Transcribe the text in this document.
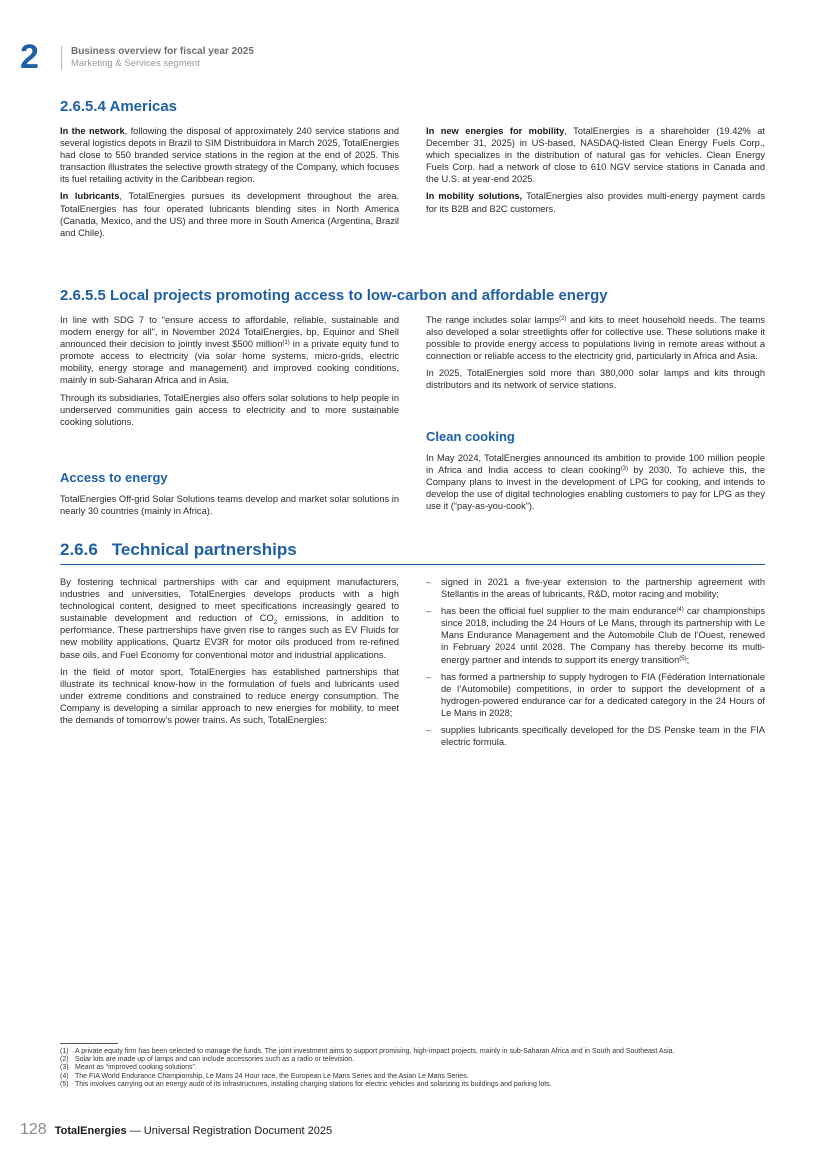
2	Business overview for fiscal year 2025
Marketing & Services segment
2.6.5.4 Americas

In the network, following the disposal of approximately 240 service stations and several logistics depots in Brazil to SIM Distribuidora in March 2025, TotalEnergies had close to 550 branded service stations in the region at the end of 2025. This transaction illustrates the selective growth strategy of the Company, which focuses its fuel retailing activity in the Caribbean region.

In lubricants, TotalEnergies pursues its development throughout the area. TotalEnergies has four operated lubricants blending sites in North America (Canada, Mexico, and the US) and three more in South America (Argentina, Brazil and Chile).

In new energies for mobility, TotalEnergies is a shareholder (19.42% at December 31, 2025) in US-based, NASDAQ-listed Clean Energy Fuels Corp., which specializes in the distribution of natural gas for vehicles. Clean Energy Fuels Corp. had a network of close to 610 NGV service stations in Canada and the U.S. at year-end 2025.

In mobility solutions, TotalEnergies also provides multi-energy payment cards for its B2B and B2C customers.

2.6.5.5 Local projects promoting access to low-carbon and affordable energy

In line with SDG 7 to “ensure access to affordable, reliable, sustainable and modern energy for all”, in November 2024 TotalEnergies, bp, Equinor and Shell announced their decision to jointly invest $500 million$^{(1)}$ in a private equity fund to promote access to electricity (via solar home systems, micro-grids, electric mobility, energy storage and management) and improved cooking conditions, mainly in sub-Saharan Africa and in Asia.

Through its subsidiaries, TotalEnergies also offers solar solutions to help people in underserved communities gain access to electricity and to more sustainable cooking solutions.

Access to energy

TotalEnergies Off-grid Solar Solutions teams develop and market solar solutions in nearly 30 countries (mainly in Africa).

The range includes solar lamps$^{(2)}$ and kits to meet household needs. The teams also developed a solar streetlights offer for collective use. These solutions make it possible to provide energy access to populations living in remote areas without a connection or reliable access to the electricity grid, particularly in Africa and Asia.

In 2025, TotalEnergies sold more than 380,000 solar lamps and kits through distributors and its network of service stations.

Clean cooking

In May 2024, TotalEnergies announced its ambition to provide 100 million people in Africa and India access to clean cooking$^{(3)}$ by 2030. To achieve this, the Company plans to invest in the development of LPG for cooking, and intends to develop the use of digital technologies enabling customers to pay for LPG as they use it (“pay-as-you-cook”).

2.6.6 Technical partnerships

By fostering technical partnerships with car and equipment manufacturers, industries and universities, TotalEnergies develops products with a high technological content, designed to meet specifications increasingly geared to sustainable development and reduction of $CO_2$ emissions, in addition to performance. These partnerships have given rise to ranges such as EV Fluids for new mobility applications, Quartz EV3R for motor oils produced from re-refined base oils, and Fuel Economy for conventional motor and industrial applications.

In the field of motor sport, TotalEnergies has established partnerships that illustrate its technical know-how in the formulation of fuels and lubricants used under extreme conditions and constrained to reduce energy consumption. The Company is developing a similar approach to new energies for mobility, to meet the demands of tomorrow’s power trains. As such, TotalEnergies:

– signed in 2021 a five-year extension to the partnership agreement with Stellantis in the areas of lubricants, R&D, motor racing and mobility;
– has been the official fuel supplier to the main endurance$^{(4)}$ car championships since 2018, including the 24 Hours of Le Mans, through its partnership with Le Mans Endurance Management and the Automobile Club de l’Ouest, renewed in February 2024 until 2028. The Company has thereby become its multi-energy partner and intends to support its energy transition$^{(5)}$;
– has formed a partnership to supply hydrogen to FIA (Fédération Internationale de l’Automobile) competitions, in order to support the development of a hydrogen-powered endurance car for a dedicated category in the 24 Hours of Le Mans in 2028;
– supplies lubricants specifically developed for the DS Penske team in the FIA electric formula.
(1) A private equity firm has been selected to manage the funds. The joint investment aims to support promising, high-impact projects, mainly in sub-Saharan Africa and in South and Southeast Asia.
(2) Solar kits are made up of lamps and can include accessories such as a radio or television.
(3) Meant as “improved cooking solutions”.
(4) The FIA World Endurance Championship, Le Mans 24 Hour race, the European Le Mans Series and the Asian Le Mans Series.
(5) This involves carrying out an energy audit of its infrastructures, installing charging stations for electric vehicles and solarizing its buildings and parking lots.
128 TotalEnergies — Universal Registration Document 2025
